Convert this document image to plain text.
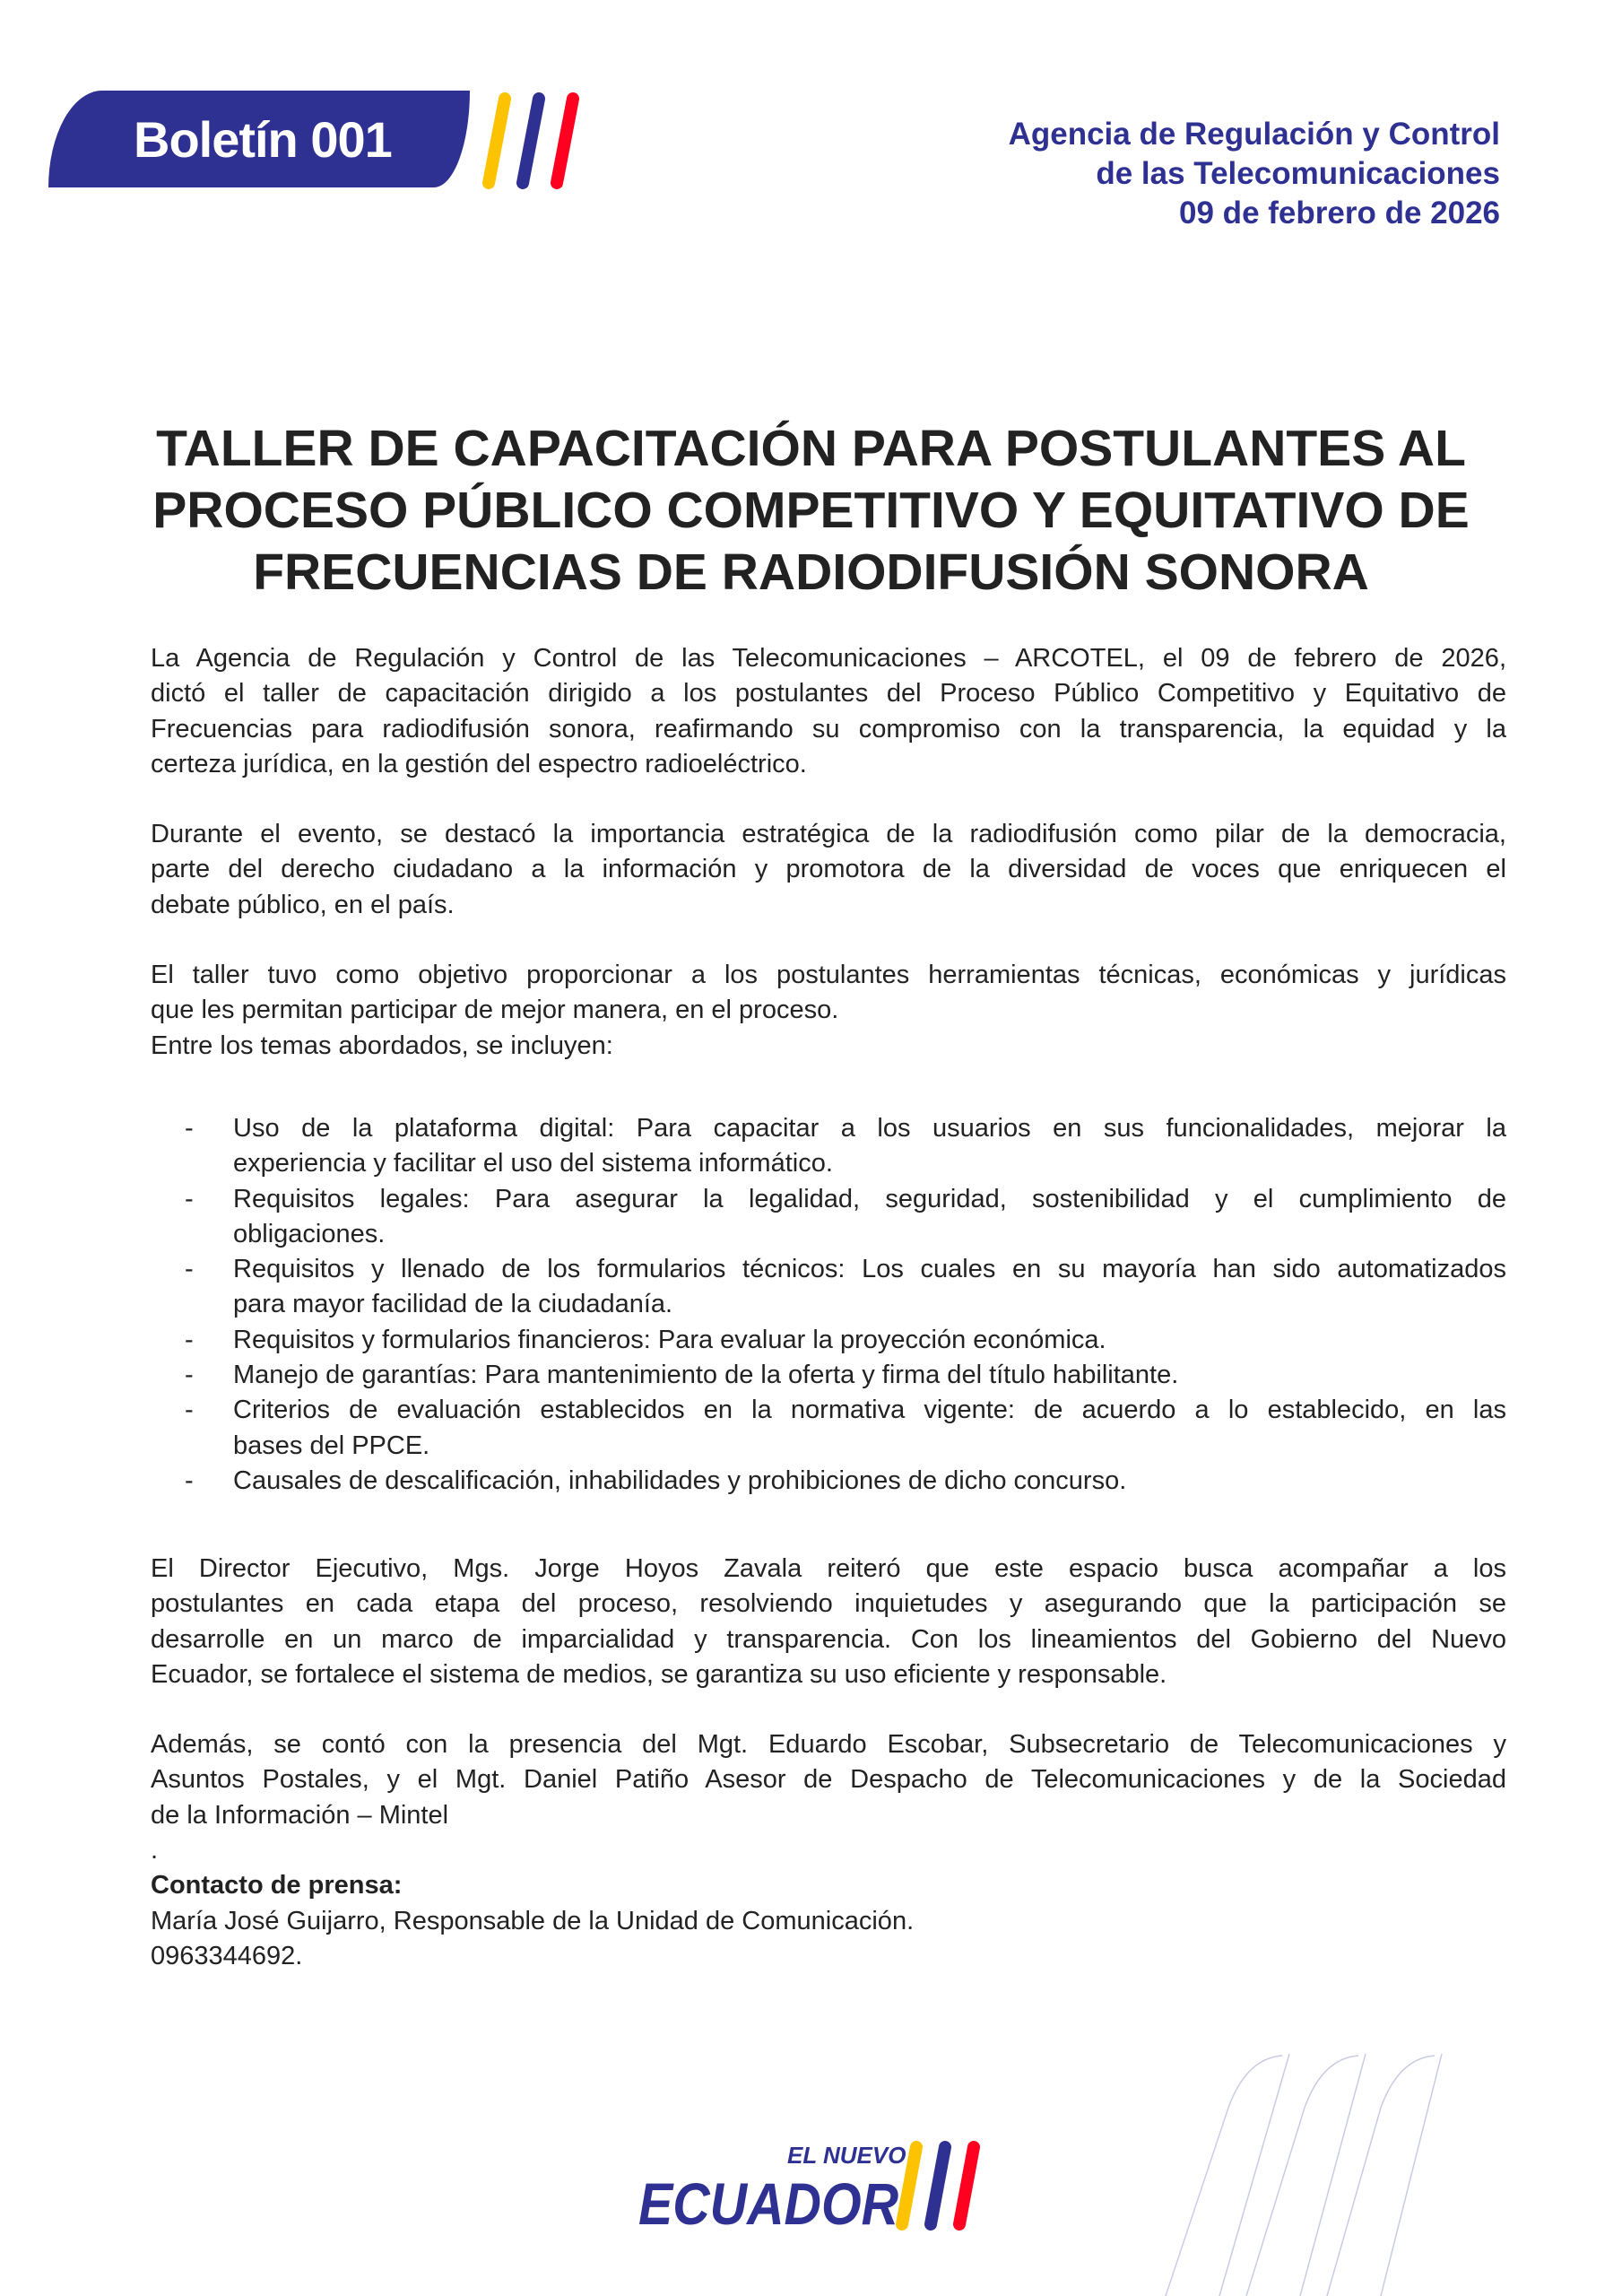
Boletín 001	Agencia de Regulación y Control
de las Telecomunicaciones
09 de febrero de 2026
TALLER DE CAPACITACIÓN PARA POSTULANTES AL
PROCESO PÚBLICO COMPETITIVO Y EQUITATIVO DE
FRECUENCIAS DE RADIODIFUSIÓN SONORA
La Agencia de Regulación y Control de las Telecomunicaciones – ARCOTEL, el 09 de febrero de 2026,
dictó el taller de capacitación dirigido a los postulantes del Proceso Público Competitivo y Equitativo de
Frecuencias para radiodifusión sonora, reafirmando su compromiso con la transparencia, la equidad y la
certeza jurídica, en la gestión del espectro radioeléctrico.
Durante el evento, se destacó la importancia estratégica de la radiodifusión como pilar de la democracia,
parte del derecho ciudadano a la información y promotora de la diversidad de voces que enriquecen el
debate público, en el país.
El taller tuvo como objetivo proporcionar a los postulantes herramientas técnicas, económicas y jurídicas
que les permitan participar de mejor manera, en el proceso.
Entre los temas abordados, se incluyen:
- Uso de la plataforma digital: Para capacitar a los usuarios en sus funcionalidades, mejorar la
experiencia y facilitar el uso del sistema informático.
- Requisitos legales: Para asegurar la legalidad, seguridad, sostenibilidad y el cumplimiento de
obligaciones.
- Requisitos y llenado de los formularios técnicos: Los cuales en su mayoría han sido automatizados
para mayor facilidad de la ciudadanía.
- Requisitos y formularios financieros: Para evaluar la proyección económica.
- Manejo de garantías: Para mantenimiento de la oferta y firma del título habilitante.
- Criterios de evaluación establecidos en la normativa vigente: de acuerdo a lo establecido, en las
bases del PPCE.
- Causales de descalificación, inhabilidades y prohibiciones de dicho concurso.
El Director Ejecutivo, Mgs. Jorge Hoyos Zavala reiteró que este espacio busca acompañar a los
postulantes en cada etapa del proceso, resolviendo inquietudes y asegurando que la participación se
desarrolle en un marco de imparcialidad y transparencia. Con los lineamientos del Gobierno del Nuevo
Ecuador, se fortalece el sistema de medios, se garantiza su uso eficiente y responsable.
Además, se contó con la presencia del Mgt. Eduardo Escobar, Subsecretario de Telecomunicaciones y
Asuntos Postales, y el Mgt. Daniel Patiño Asesor de Despacho de Telecomunicaciones y de la Sociedad
de la Información – Mintel
.
Contacto de prensa:
María José Guijarro, Responsable de la Unidad de Comunicación.
0963344692.
EL NUEVO
ECUADOR
